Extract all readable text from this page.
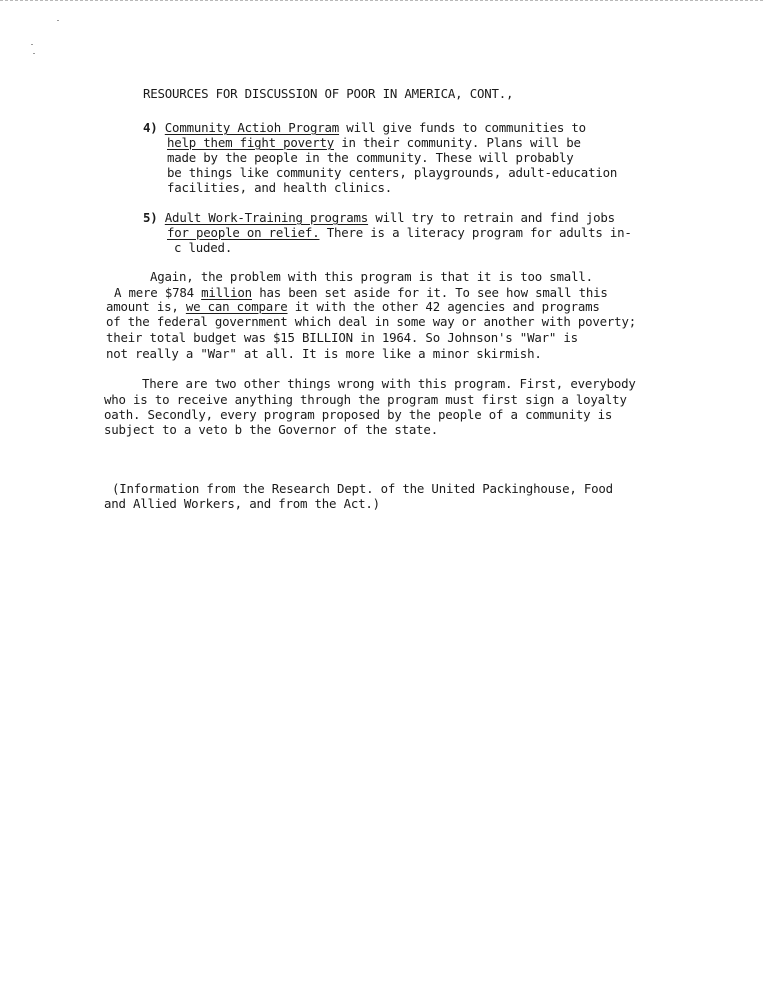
RESOURCES FOR DISCUSSION OF POOR IN AMERICA, CONT.,
4) Community Actioh Program will give funds to communities to
help them fight poverty in their community. Plans will be
made by the people in the community. These will probably
be things like community centers, playgrounds, adult-education
facilities, and health clinics.
5) Adult Work-Training programs will try to retrain and find jobs
for people on relief. There is a literacy program for adults in-
c luded.
Again, the problem with this program is that it is too small.
A mere $784 million has been set aside for it. To see how small this
amount is, we can compare it with the other 42 agencies and programs
of the federal government which deal in some way or another with poverty;
their total budget was $15 BILLION in 1964. So Johnson's "War" is
not really a "War" at all. It is more like a minor skirmish.
There are two other things wrong with this program. First, everybody
who is to receive anything through the program must first sign a loyalty
oath. Secondly, every program proposed by the people of a community is
subject to a veto b the Governor of the state.
(Information from the Research Dept. of the United Packinghouse, Food
and Allied Workers, and from the Act.)
